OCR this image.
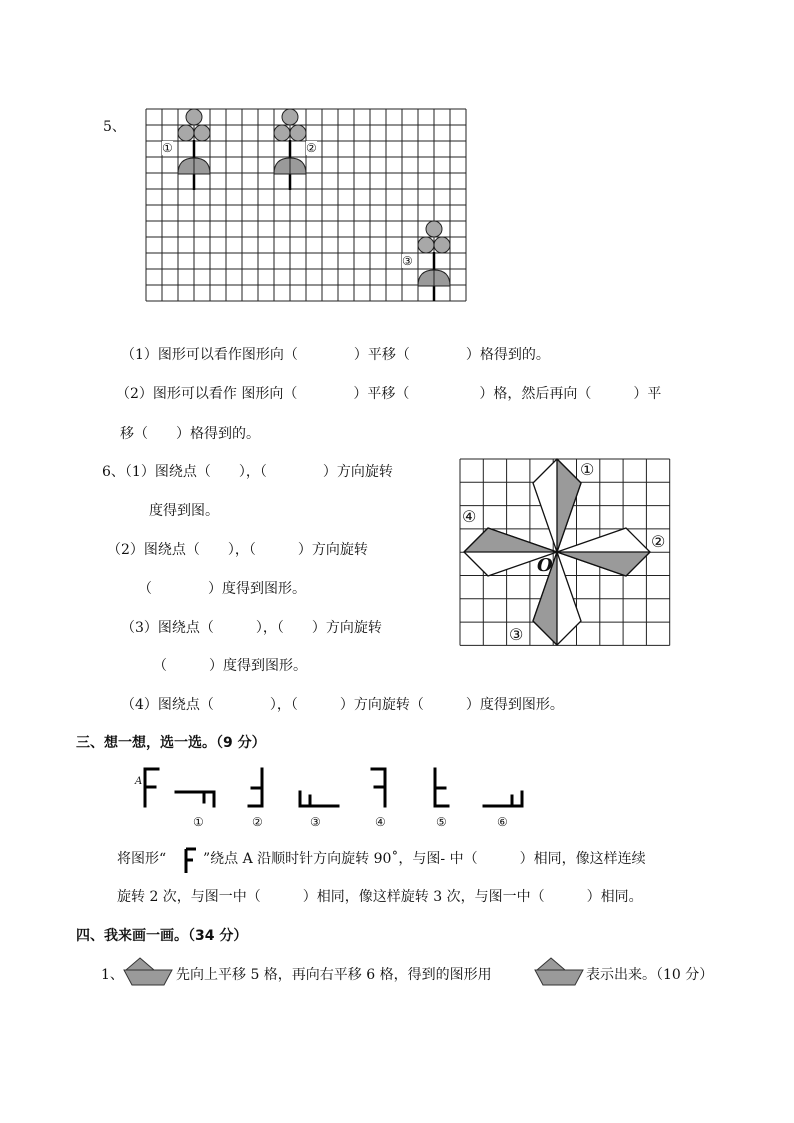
5、
①	②
③
（1）图形可以看作图形向（　　　　）平移（　　　　）格得到的。
（2）图形可以看作 图形向（　　　　）平移（　　　　　）格，然后再向（　　　）平
移（　　）格得到的。
6、（1）图绕点（　　），（　　　　）方向旋转
度得到图。
（2）图绕点（　　），（　　　）方向旋转
（　　　　）度得到图形。
（3）图绕点（　　　），（　　）方向旋转
（　　　）度得到图形。
（4）图绕点（　　　　），（　　　）方向旋转（　　　）度得到图形。
①
②
③
④
O
三、想一想，选一选。（9 分）
A
①	②	③	④	⑤	⑥
将图形“	”绕点 A 沿顺时针方向旋转 90˚，与图- 中（　　　）相同，像这样连续
旋转 2 次，与图一中（　　　）相同，像这样旋转 3 次，与图一中（　　　）相同。
四、我来画一画。（34 分）
1、	先向上平移 5 格，再向右平移 6 格，得到的图形用	表示出来。（10 分）
